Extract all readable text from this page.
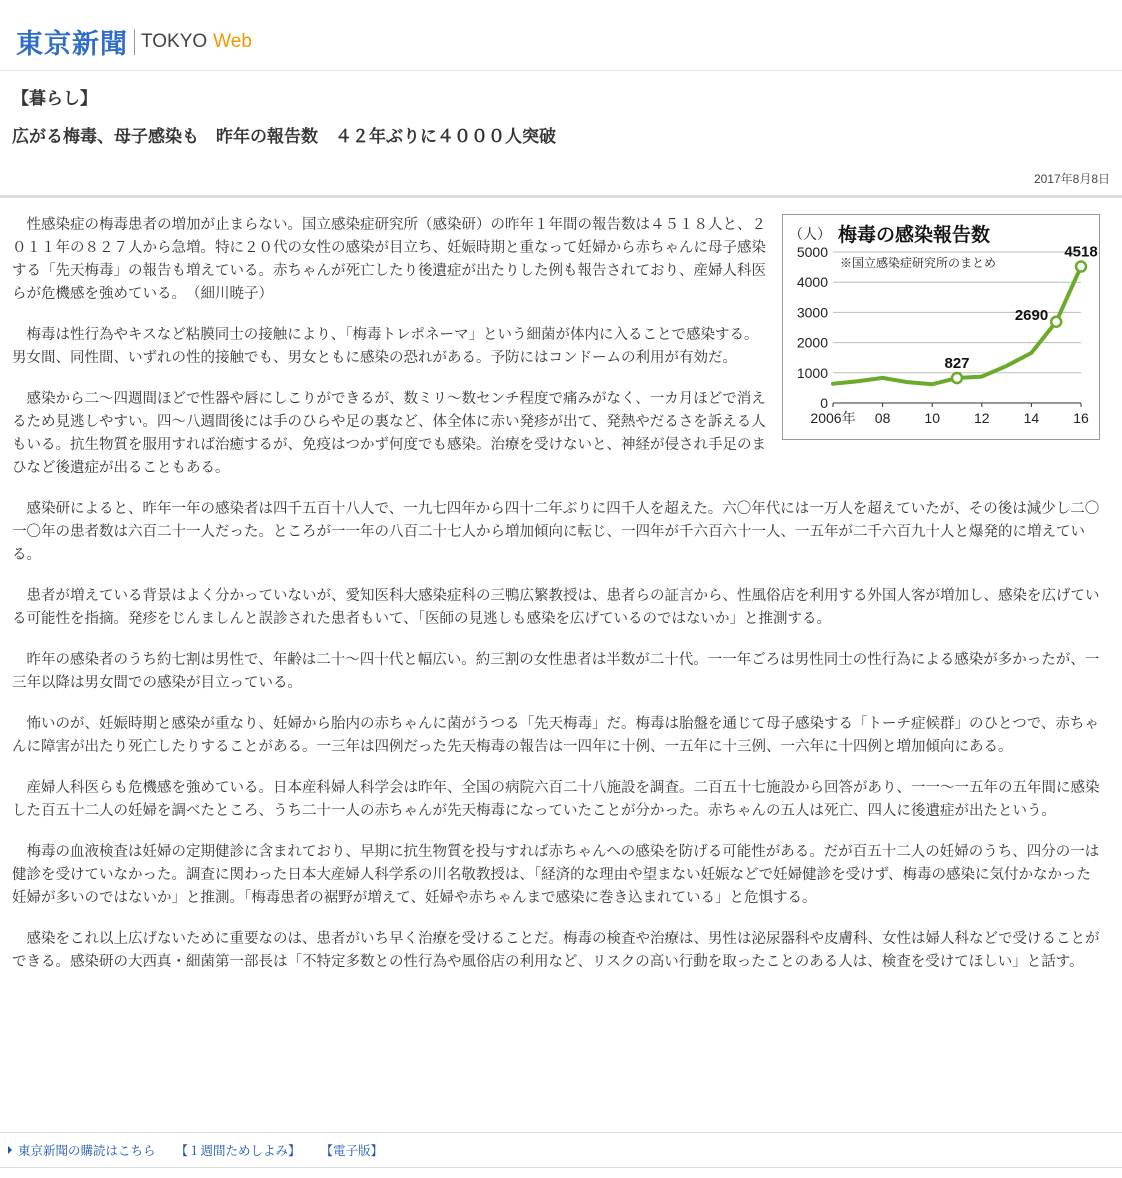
東京新聞 TOKYO Web
【暮らし】
広がる梅毒、母子感染も　昨年の報告数　４２年ぶりに４０００人突破
2017年8月8日
0
1000
2000
3000
4000
5000
2006年 08 10 12 14 16
（人） 梅毒の感染報告数
※国立感染症研究所のまとめ
827
2690
4518

性感染症の梅毒患者の増加が止まらない。国立感染症研究所（感染研）の昨年１年間の報告数は４５１８人と、２０１１年の８２７人から急増。特に２０代の女性の感染が目立ち、妊娠時期と重なって妊婦から赤ちゃんに母子感染する「先天梅毒」の報告も増えている。赤ちゃんが死亡したり後遺症が出たりした例も報告されており、産婦人科医らが危機感を強めている。　（細川暁子）

梅毒は性行為やキスなど粘膜同士の接触により、「梅毒トレポネーマ」という細菌が体内に入ることで感染する。男女間、同性間、いずれの性的接触でも、男女ともに感染の恐れがある。予防にはコンドームの利用が有効だ。

感染から二～四週間ほどで性器や唇にしこりができるが、数ミリ～数センチ程度で痛みがなく、一カ月ほどで消えるため見逃しやすい。四～八週間後には手のひらや足の裏など、体全体に赤い発疹が出て、発熱やだるさを訴える人もいる。抗生物質を服用すれば治癒するが、免疫はつかず何度でも感染。治療を受けないと、神経が侵され手足のまひなど後遺症が出ることもある。

感染研によると、昨年一年の感染者は四千五百十八人で、一九七四年から四十二年ぶりに四千人を超えた。六〇年代には一万人を超えていたが、その後は減少し二〇一〇年の患者数は六百二十一人だった。ところが一一年の八百二十七人から増加傾向に転じ、一四年が千六百六十一人、一五年が二千六百九十人と爆発的に増えている。

患者が増えている背景はよく分かっていないが、愛知医科大感染症科の三鴨広繁教授は、患者らの証言から、性風俗店を利用する外国人客が増加し、感染を広げている可能性を指摘。発疹をじんましんと誤診された患者もいて、「医師の見逃しも感染を広げているのではないか」と推測する。

昨年の感染者のうち約七割は男性で、年齢は二十～四十代と幅広い。約三割の女性患者は半数が二十代。一一年ごろは男性同士の性行為による感染が多かったが、一三年以降は男女間での感染が目立っている。

怖いのが、妊娠時期と感染が重なり、妊婦から胎内の赤ちゃんに菌がうつる「先天梅毒」だ。梅毒は胎盤を通じて母子感染する「トーチ症候群」のひとつで、赤ちゃんに障害が出たり死亡したりすることがある。一三年は四例だった先天梅毒の報告は一四年に十例、一五年に十三例、一六年に十四例と増加傾向にある。

産婦人科医らも危機感を強めている。日本産科婦人科学会は昨年、全国の病院六百二十八施設を調査。二百五十七施設から回答があり、一一～一五年の五年間に感染した百五十二人の妊婦を調べたところ、うち二十一人の赤ちゃんが先天梅毒になっていたことが分かった。赤ちゃんの五人は死亡、四人に後遺症が出たという。

梅毒の血液検査は妊婦の定期健診に含まれており、早期に抗生物質を投与すれば赤ちゃんへの感染を防げる可能性がある。だが百五十二人の妊婦のうち、四分の一は健診を受けていなかった。調査に関わった日本大産婦人科学系の川名敬教授は、「経済的な理由や望まない妊娠などで妊婦健診を受けず、梅毒の感染に気付かなかった妊婦が多いのではないか」と推測。「梅毒患者の裾野が増えて、妊婦や赤ちゃんまで感染に巻き込まれている」と危惧する。

感染をこれ以上広げないために重要なのは、患者がいち早く治療を受けることだ。梅毒の検査や治療は、男性は泌尿器科や皮膚科、女性は婦人科などで受けることができる。感染研の大西真・細菌第一部長は「不特定多数との性行為や風俗店の利用など、リスクの高い行動を取ったことのある人は、検査を受けてほしい」と話す。

東京新聞の購読はこちら 【１週間ためしよみ】 【電子版】
